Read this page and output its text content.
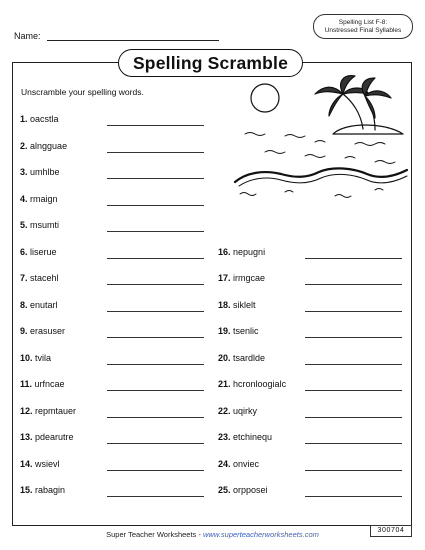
Name:
Spelling List F-8:
Unstressed Final Syllables
Spelling Scramble
Unscramble your spelling words.
1. oacstla
2. alngguae
3. umhlbe
4. rmaign
5. msumti
6. liserue
7. stacehl
8. enutarl
9. erasuser
10. tvila
11. urfncae
12. repmtauer
13. pdearutre
14. wsievl
15. rabagin
16. nepugni
17. irmgcae
18. siklelt
19. tsenlic
20. tsardlde
21. hcronloogialc
22. uqirky
23. etchinequ
24. onviec
25. orpposei
Super Teacher Worksheets - www.superteacherworksheets.com	300704
